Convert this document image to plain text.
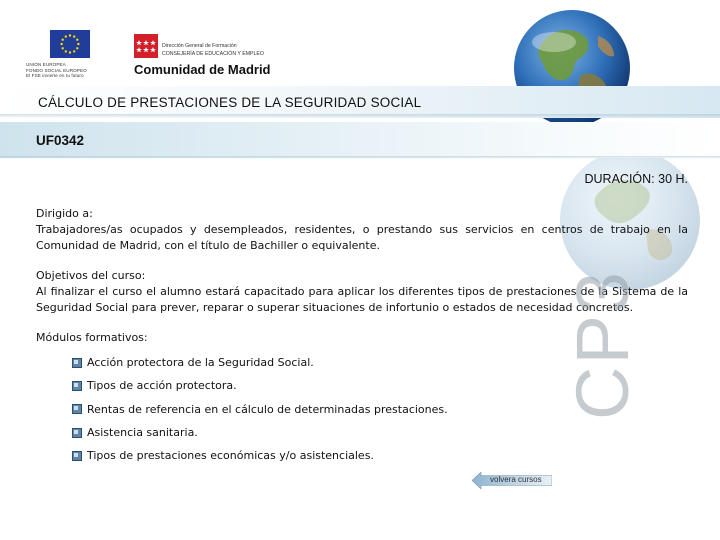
UNIÓN EUROPEA
FONDO SOCIAL EUROPEO
El FSE invierte en tu futuro
Dirección General de Formación
CONSEJERÍA DE EDUCACIÓN Y EMPLEO
Comunidad de Madrid
CÁLCULO DE PRESTACIONES DE LA SEGURIDAD SOCIAL
UF0342
DURACIÓN: 30 H.
Dirigido a:
Trabajadores/as ocupados y desempleados, residentes, o prestando sus servicios en centros de trabajo en la Comunidad de Madrid, con el título de Bachiller o equivalente.
Objetivos del curso:
Al finalizar el curso el alumno estará capacitado para aplicar los diferentes tipos de prestaciones de la Sistema de la Seguridad Social para prever, reparar o superar situaciones de infortunio o estados de necesidad concretos.
Módulos formativos:
Acción protectora de la Seguridad Social.
Tipos de acción protectora.
Rentas de referencia en el cálculo de determinadas prestaciones.
Asistencia sanitaria.
Tipos de prestaciones económicas y/o asistenciales.
CP3
volvera cursos
